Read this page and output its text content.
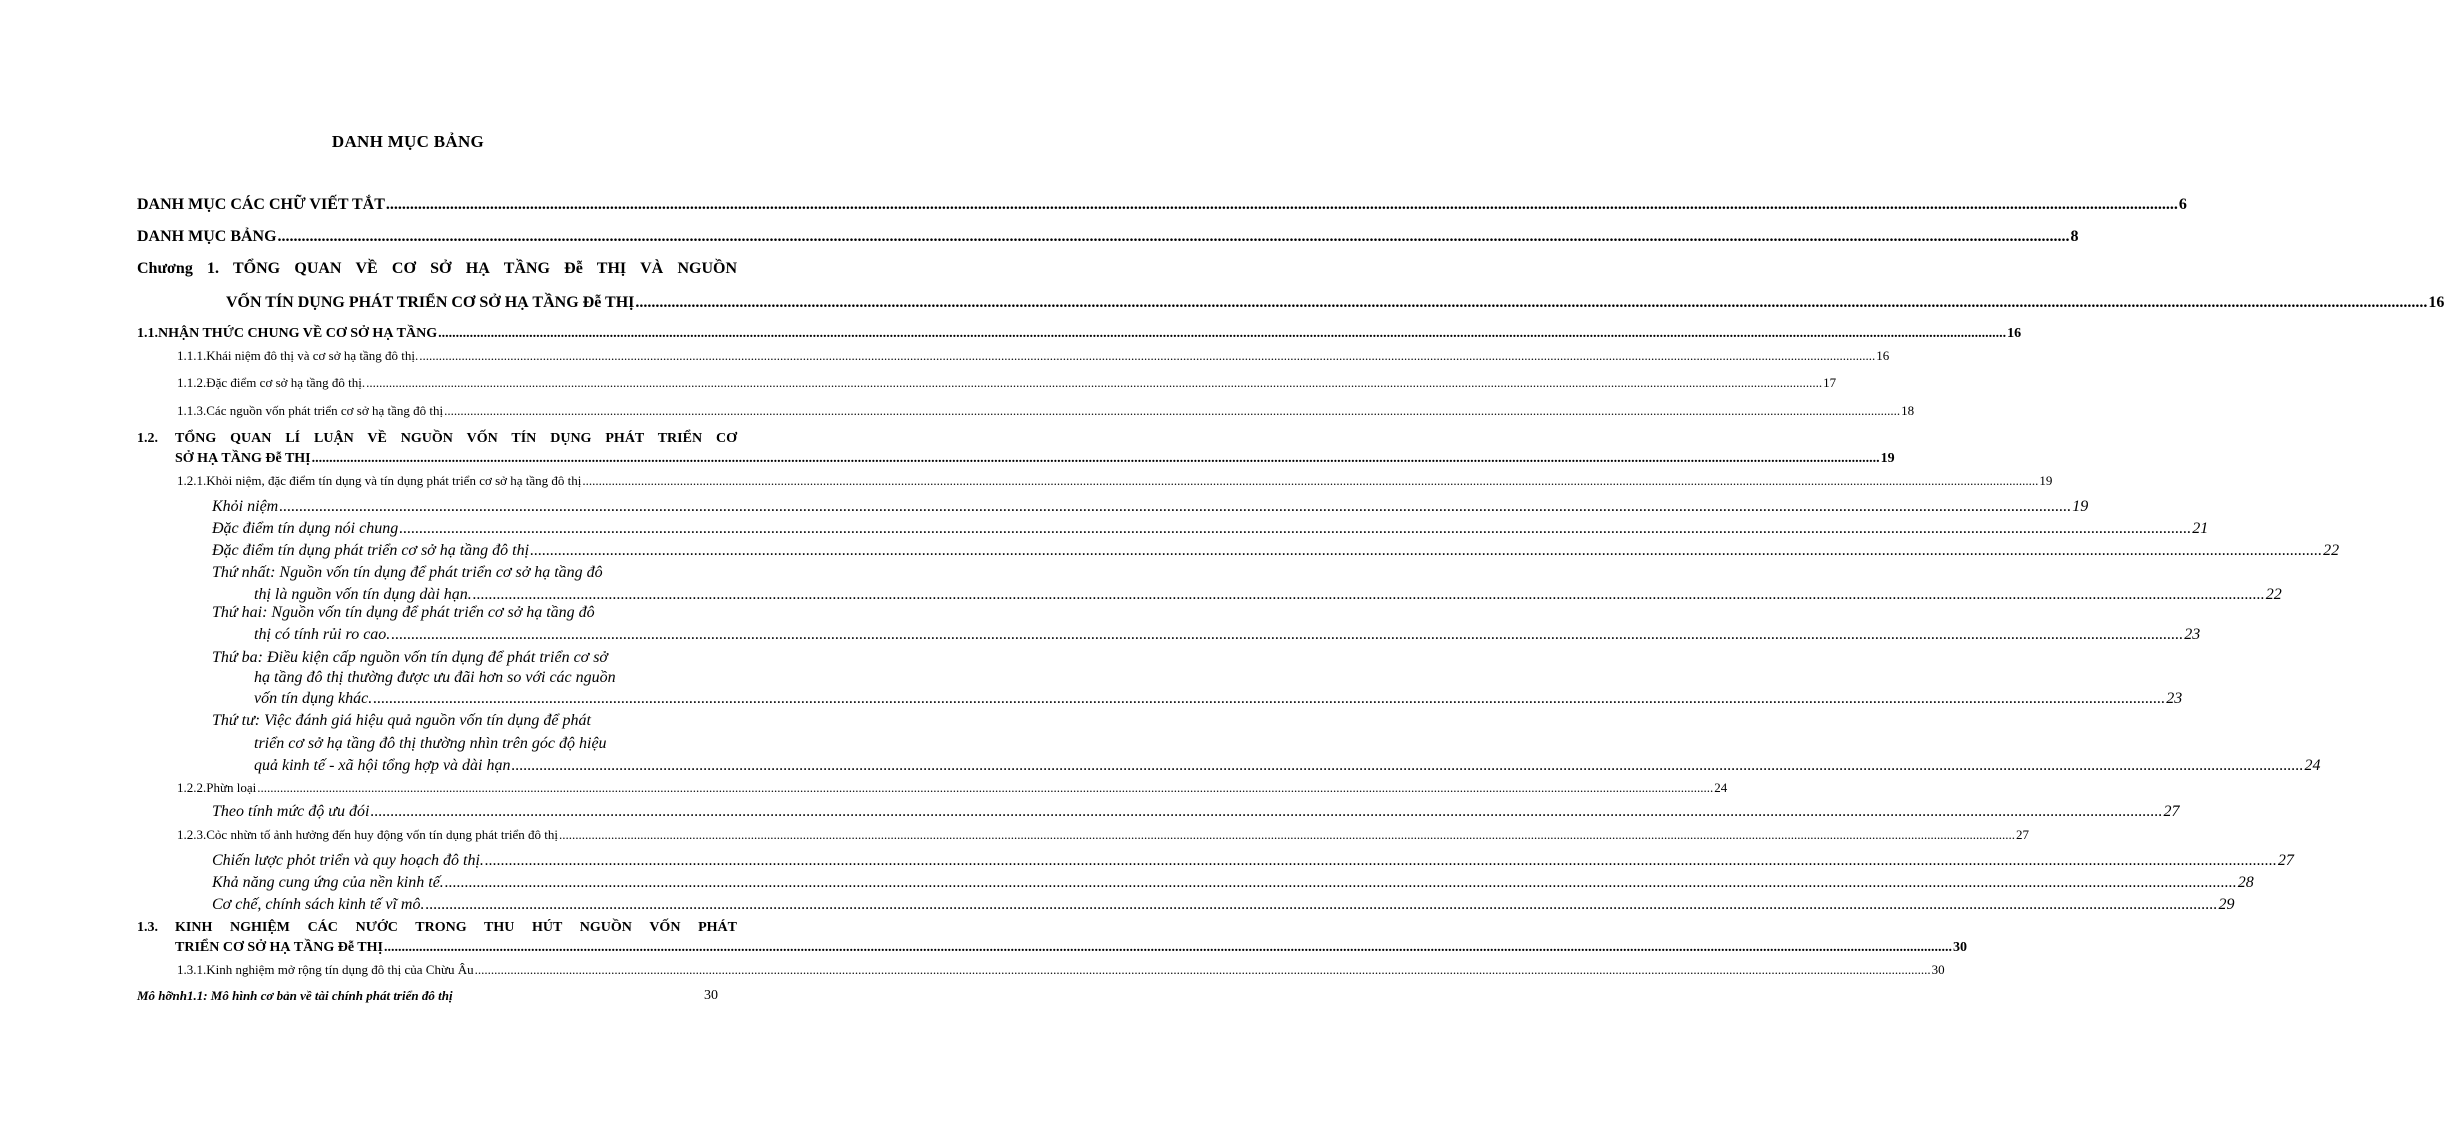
DANH MỤC BẢNG
DANH MỤC CÁC CHỮ VIẾT TẮT .....	6
DANH MỤC BẢNG .....	8
Chương 1. TỔNG QUAN VỀ CƠ SỞ HẠ TẦNG Đễ THỊ VÀ NGUỒN
VỐN TÍN DỤNG PHÁT TRIỂN CƠ SỞ HẠ TẦNG Đễ THỊ .....	16
1.1. NHẬN THỨC CHUNG VỀ CƠ SỞ HẠ TẦNG .....	16
1.1.1. Khái niệm đô thị và cơ sở hạ tầng đô thị. .....	16
1.1.2. Đặc điểm cơ sở hạ tầng đô thị. .....	17
1.1.3. Các nguồn vốn phát triển cơ sở hạ tầng đô thị .....	18
1.2. TỔNG QUAN LÍ LUẬN VỀ NGUỒN VỐN TÍN DỤNG PHÁT TRIỂN CƠ
SỞ HẠ TẦNG Đễ THỊ .....	19
1.2.1. Khỏi niệm, đặc điểm tín dụng và tín dụng phát triển cơ sở hạ tầng đô thị .....	19
Khỏi niệm .....	19
Đặc điểm tín dụng nói chung .....	21
Đặc điểm tín dụng phát triển cơ sở hạ tầng đô thị .....	22
Thứ nhất: Nguồn vốn tín dụng để phát triển cơ sở hạ tầng đô
thị là nguồn vốn tín dụng dài hạn. .....	22
Thứ hai: Nguồn vốn tín dụng để phát triển cơ sở hạ tầng đô
thị có tính rủi ro cao. .....	23
Thứ ba: Điều kiện cấp nguồn vốn tín dụng để phát triển cơ sở
hạ tầng đô thị thường được ưu đãi hơn so với các nguồn
vốn tín dụng khác. .....	23
Thứ tư: Việc đánh giá hiệu quả nguồn vốn tín dụng để phát
triển cơ sở hạ tầng đô thị thường nhìn trên góc độ hiệu
quả kinh tế - xã hội tổng hợp và dài hạn .....	24
1.2.2. Phừn loại .....	24
Theo tính mức độ ưu đói .....	27
1.2.3. Cỏc nhừn tố ảnh hưởng đến huy động vốn tín dụng phát triển đô thị .....	27
Chiến lược phỏt triển và quy hoạch đô thị. .....	27
Khả năng cung ứng của nền kinh tế. .....	28
Cơ chế, chính sách kinh tế vĩ mô. .....	29
1.3. KINH NGHIỆM CÁC NƯỚC TRONG THU HÚT NGUỒN VỐN PHÁT
TRIỂN CƠ SỞ HẠ TẦNG Đễ THỊ .....	30
1.3.1. Kinh nghiệm mở rộng tín dụng đô thị của Chừu Âu .....	30
Mô hỡnh1.1: Mô hình cơ bản về tài chính phát triển đô thị	30
